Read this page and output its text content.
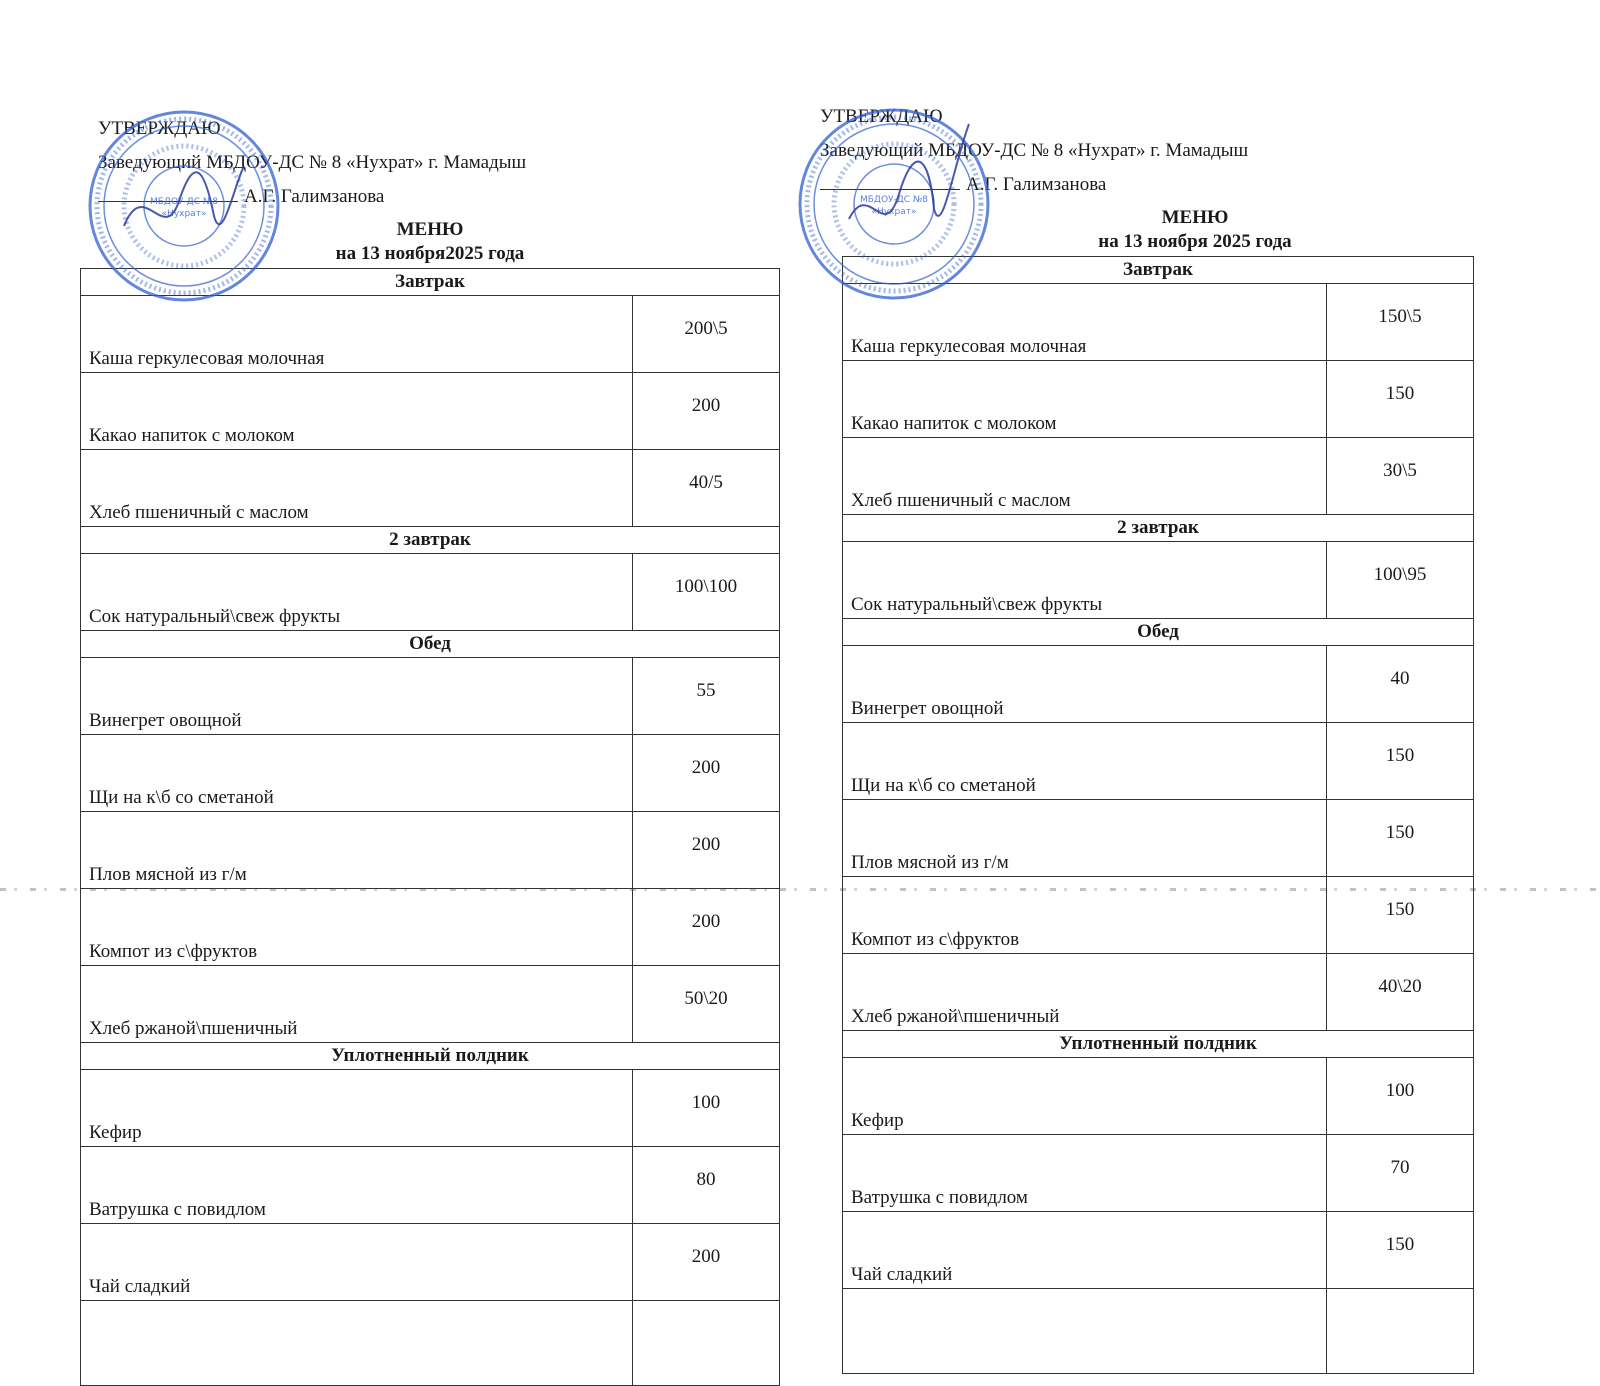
УТВЕРЖДАЮ
Заведующий МБДОУ-ДС № 8 «Нухрат» г. Мамадыш
А.Г. Галимзанова
МЕНЮ
на 13 ноября2025 года
Завтрак	
Каша геркулесовая молочная	200\5
Какао напиток с молоком	200
Хлеб пшеничный с маслом	40/5
2 завтрак	
Сок натуральный\свеж фрукты	100\100
Обед	
Винегрет овощной	55
Щи на к\б со сметаной	200
Плов мясной из г/м	200
Компот из с\фруктов	200
Хлеб ржаной\пшеничный	50\20
Уплотненный полдник	
Кефир	100
Ватрушка с повидлом	80
Чай сладкий	200

МБДОУ-ДС №8
«Нухрат»
УТВЕРЖДАЮ
Заведующий МБДОУ-ДС № 8 «Нухрат» г. Мамадыш
А.Г. Галимзанова
МЕНЮ
на 13 ноября 2025 года
Завтрак	
Каша геркулесовая молочная	150\5
Какао напиток с молоком	150
Хлеб пшеничный с маслом	30\5
2 завтрак	
Сок натуральный\свеж фрукты	100\95
Обед	
Винегрет овощной	40
Щи на к\б со сметаной	150
Плов мясной из г/м	150
Компот из с\фруктов	150
Хлеб ржаной\пшеничный	40\20
Уплотненный полдник	
Кефир	100
Ватрушка с повидлом	70
Чай сладкий	150

МБДОУ-ДС №8
«Нухрат»
